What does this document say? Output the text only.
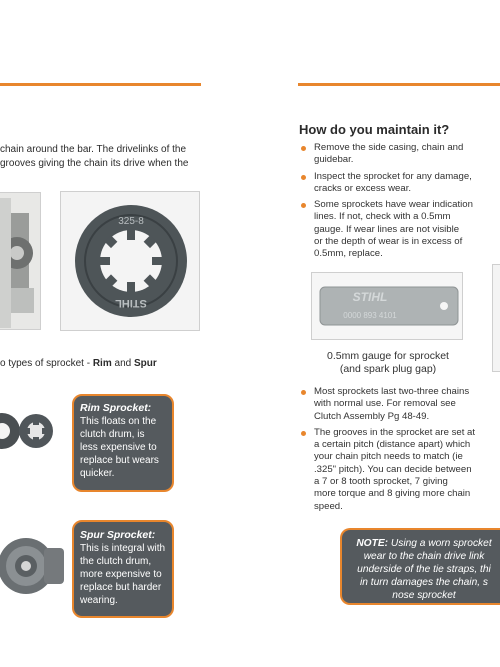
chain around the bar. The drivelinks of the
grooves giving the chain its drive when the
325-8
STIHL
o types of sprocket - Rim and Spur
Rim Sprocket:
This floats on the
clutch drum, is
less expensive to
replace but wears
quicker.
Spur Sprocket:
This is integral with
the clutch drum,
more expensive to
replace but harder
wearing.
How do you maintain it?
Remove the side casing, chain and
guidebar.
Inspect the sprocket for any damage,
cracks or excess wear.
Some sprockets have wear indication
lines. If not, check with a 0.5mm
gauge. If wear lines are not visible
or the depth of wear is in excess of
0.5mm, replace.
STIHL
0000 893 4101
0.5mm gauge for sprocket
(and spark plug gap)
Most sprockets last two-three chains
with normal use. For removal see
Clutch Assembly Pg 48-49.
The grooves in the sprocket are set at
a certain pitch (distance apart) which
your chain pitch needs to match (ie
.325" pitch). You can decide between
a 7 or 8 tooth sprocket, 7 giving
more torque and 8 giving more chain
speed.
NOTE: Using a worn sprocket
wear to the chain drive link
underside of the tie straps, thi
in turn damages the chain, s
nose sprocket
